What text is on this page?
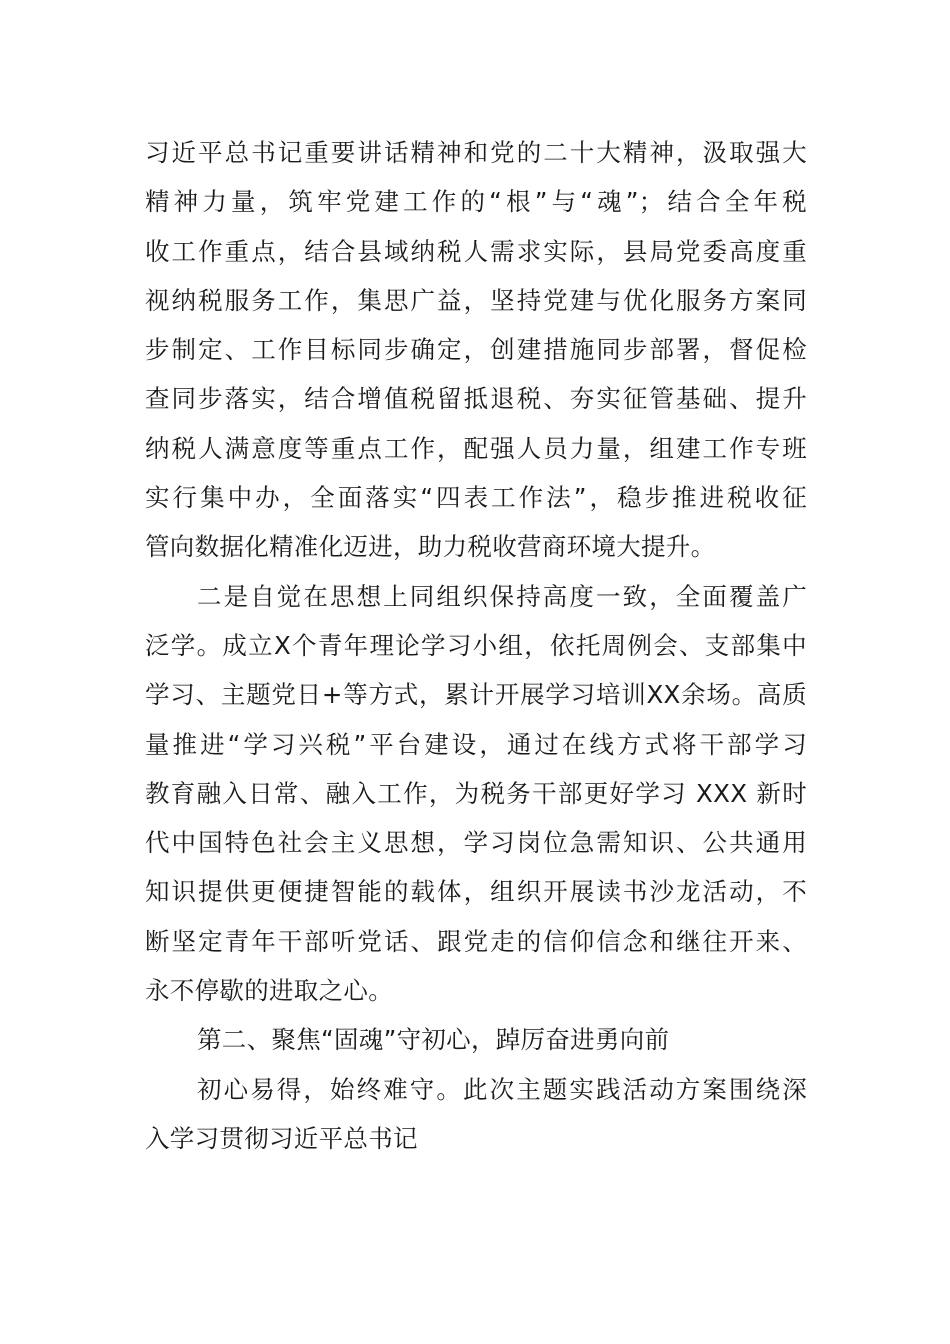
习近平总书记重要讲话精神和党的二十大精神，汲取强大
精神力量，筑牢党建工作的“根”与“魂”；结合全年税
收工作重点，结合县域纳税人需求实际，县局党委高度重
视纳税服务工作，集思广益，坚持党建与优化服务方案同
步制定、工作目标同步确定，创建措施同步部署，督促检
查同步落实，结合增值税留抵退税、夯实征管基础、提升
纳税人满意度等重点工作，配强人员力量，组建工作专班
实行集中办，全面落实“四表工作法”，稳步推进税收征
管向数据化精准化迈进，助力税收营商环境大提升。
二是自觉在思想上同组织保持高度一致，全面覆盖广
泛学。成立X个青年理论学习小组，依托周例会、支部集中
学习、主题党日+等方式，累计开展学习培训XX余场。高质
量推进“学习兴税”平台建设，通过在线方式将干部学习
教育融入日常、融入工作，为税务干部更好学习 XXX 新时
代中国特色社会主义思想，学习岗位急需知识、公共通用
知识提供更便捷智能的载体，组织开展读书沙龙活动，不
断坚定青年干部听党话、跟党走的信仰信念和继往开来、
永不停歇的进取之心。
第二、聚焦“固魂”守初心，踔厉奋进勇向前
初心易得，始终难守。此次主题实践活动方案围绕深
入学习贯彻习近平总书记
